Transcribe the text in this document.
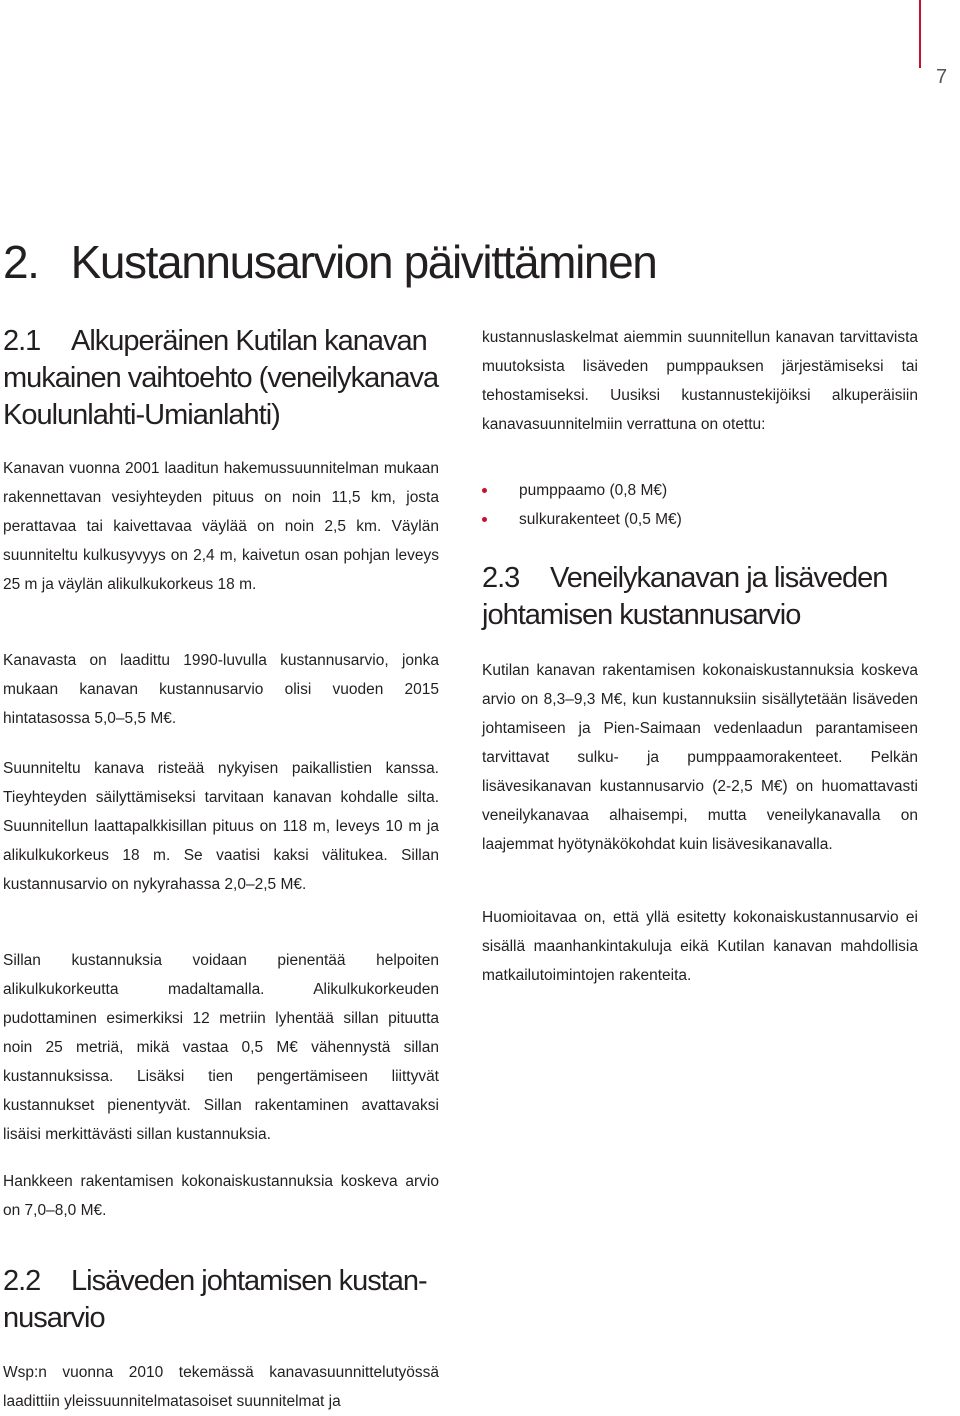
7
2. Kustannusarvion päivittäminen
2.1 Alkuperäinen Kutilan kanavan
mukainen vaihtoehto (veneilykanava
Koulunlahti-Umianlahti)

Kanavan vuonna 2001 laaditun hakemussuunnitelman mukaan rakennettavan vesiyhteyden pituus on noin 11,5 km, josta perattavaa tai kaivettavaa väylää on noin 2,5 km. Väylän suunniteltu kulkusyvyys on 2,4 m, kaivetun osan pohjan leveys 25 m ja väylän alikulkukorkeus 18 m.

Kanavasta on laadittu 1990-luvulla kustannusarvio, jonka mukaan kanavan kustannusarvio olisi vuoden 2015 hintatasossa 5,0–5,5 M€.

Suunniteltu kanava risteää nykyisen paikallistien kanssa. Tieyhteyden säilyttämiseksi tarvitaan kanavan kohdalle silta. Suunnitellun laattapalkkisillan pituus on 118 m, leveys 10 m ja alikulkukorkeus 18 m. Se vaatisi kaksi välitukea. Sillan kustannusarvio on nykyrahassa 2,0–2,5 M€.

Sillan kustannuksia voidaan pienentää helpoiten alikulkukorkeutta madaltamalla. Alikulkukorkeuden pudottaminen esimerkiksi 12 metriin lyhentää sillan pituutta noin 25 metriä, mikä vastaa 0,5 M€ vähennystä sillan kustannuksissa. Lisäksi tien pengertämiseen liittyvät kustannukset pienentyvät. Sillan rakentaminen avattavaksi lisäisi merkittävästi sillan kustannuksia.

Hankkeen rakentamisen kokonaiskustannuksia koskeva arvio on 7,0–8,0 M€.

2.2 Lisäveden johtamisen kustan-
nusarvio

Wsp:n vuonna 2010 tekemässä kanavasuunnittelutyössä laadittiin yleissuunnitelmatasoiset suunnitelmat ja

kustannuslaskelmat aiemmin suunnitellun kanavan tarvittavista muutoksista lisäveden pumppauksen järjestämiseksi tai tehostamiseksi. Uusiksi kustannustekijöiksi alkuperäisiin kanavasuunnitelmiin verrattuna on otettu:

pumppaamo (0,8 M€)
sulkurakenteet (0,5 M€)
2.3 Veneilykanavan ja lisäveden
johtamisen kustannusarvio

Kutilan kanavan rakentamisen kokonaiskustannuksia koskeva arvio on 8,3–9,3 M€, kun kustannuksiin sisällytetään lisäveden johtamiseen ja Pien-Saimaan vedenlaadun parantamiseen tarvittavat sulku- ja pumppaamorakenteet. Pelkän lisävesikanavan kustannusarvio (2-2,5 M€) on huomattavasti veneilykanavaa alhaisempi, mutta veneilykanavalla on laajemmat hyötynäkökohdat kuin lisävesikanavalla.

Huomioitavaa on, että yllä esitetty kokonaiskustannusarvio ei sisällä maanhankintakuluja eikä Kutilan kanavan mahdollisia matkailutoimintojen rakenteita.
